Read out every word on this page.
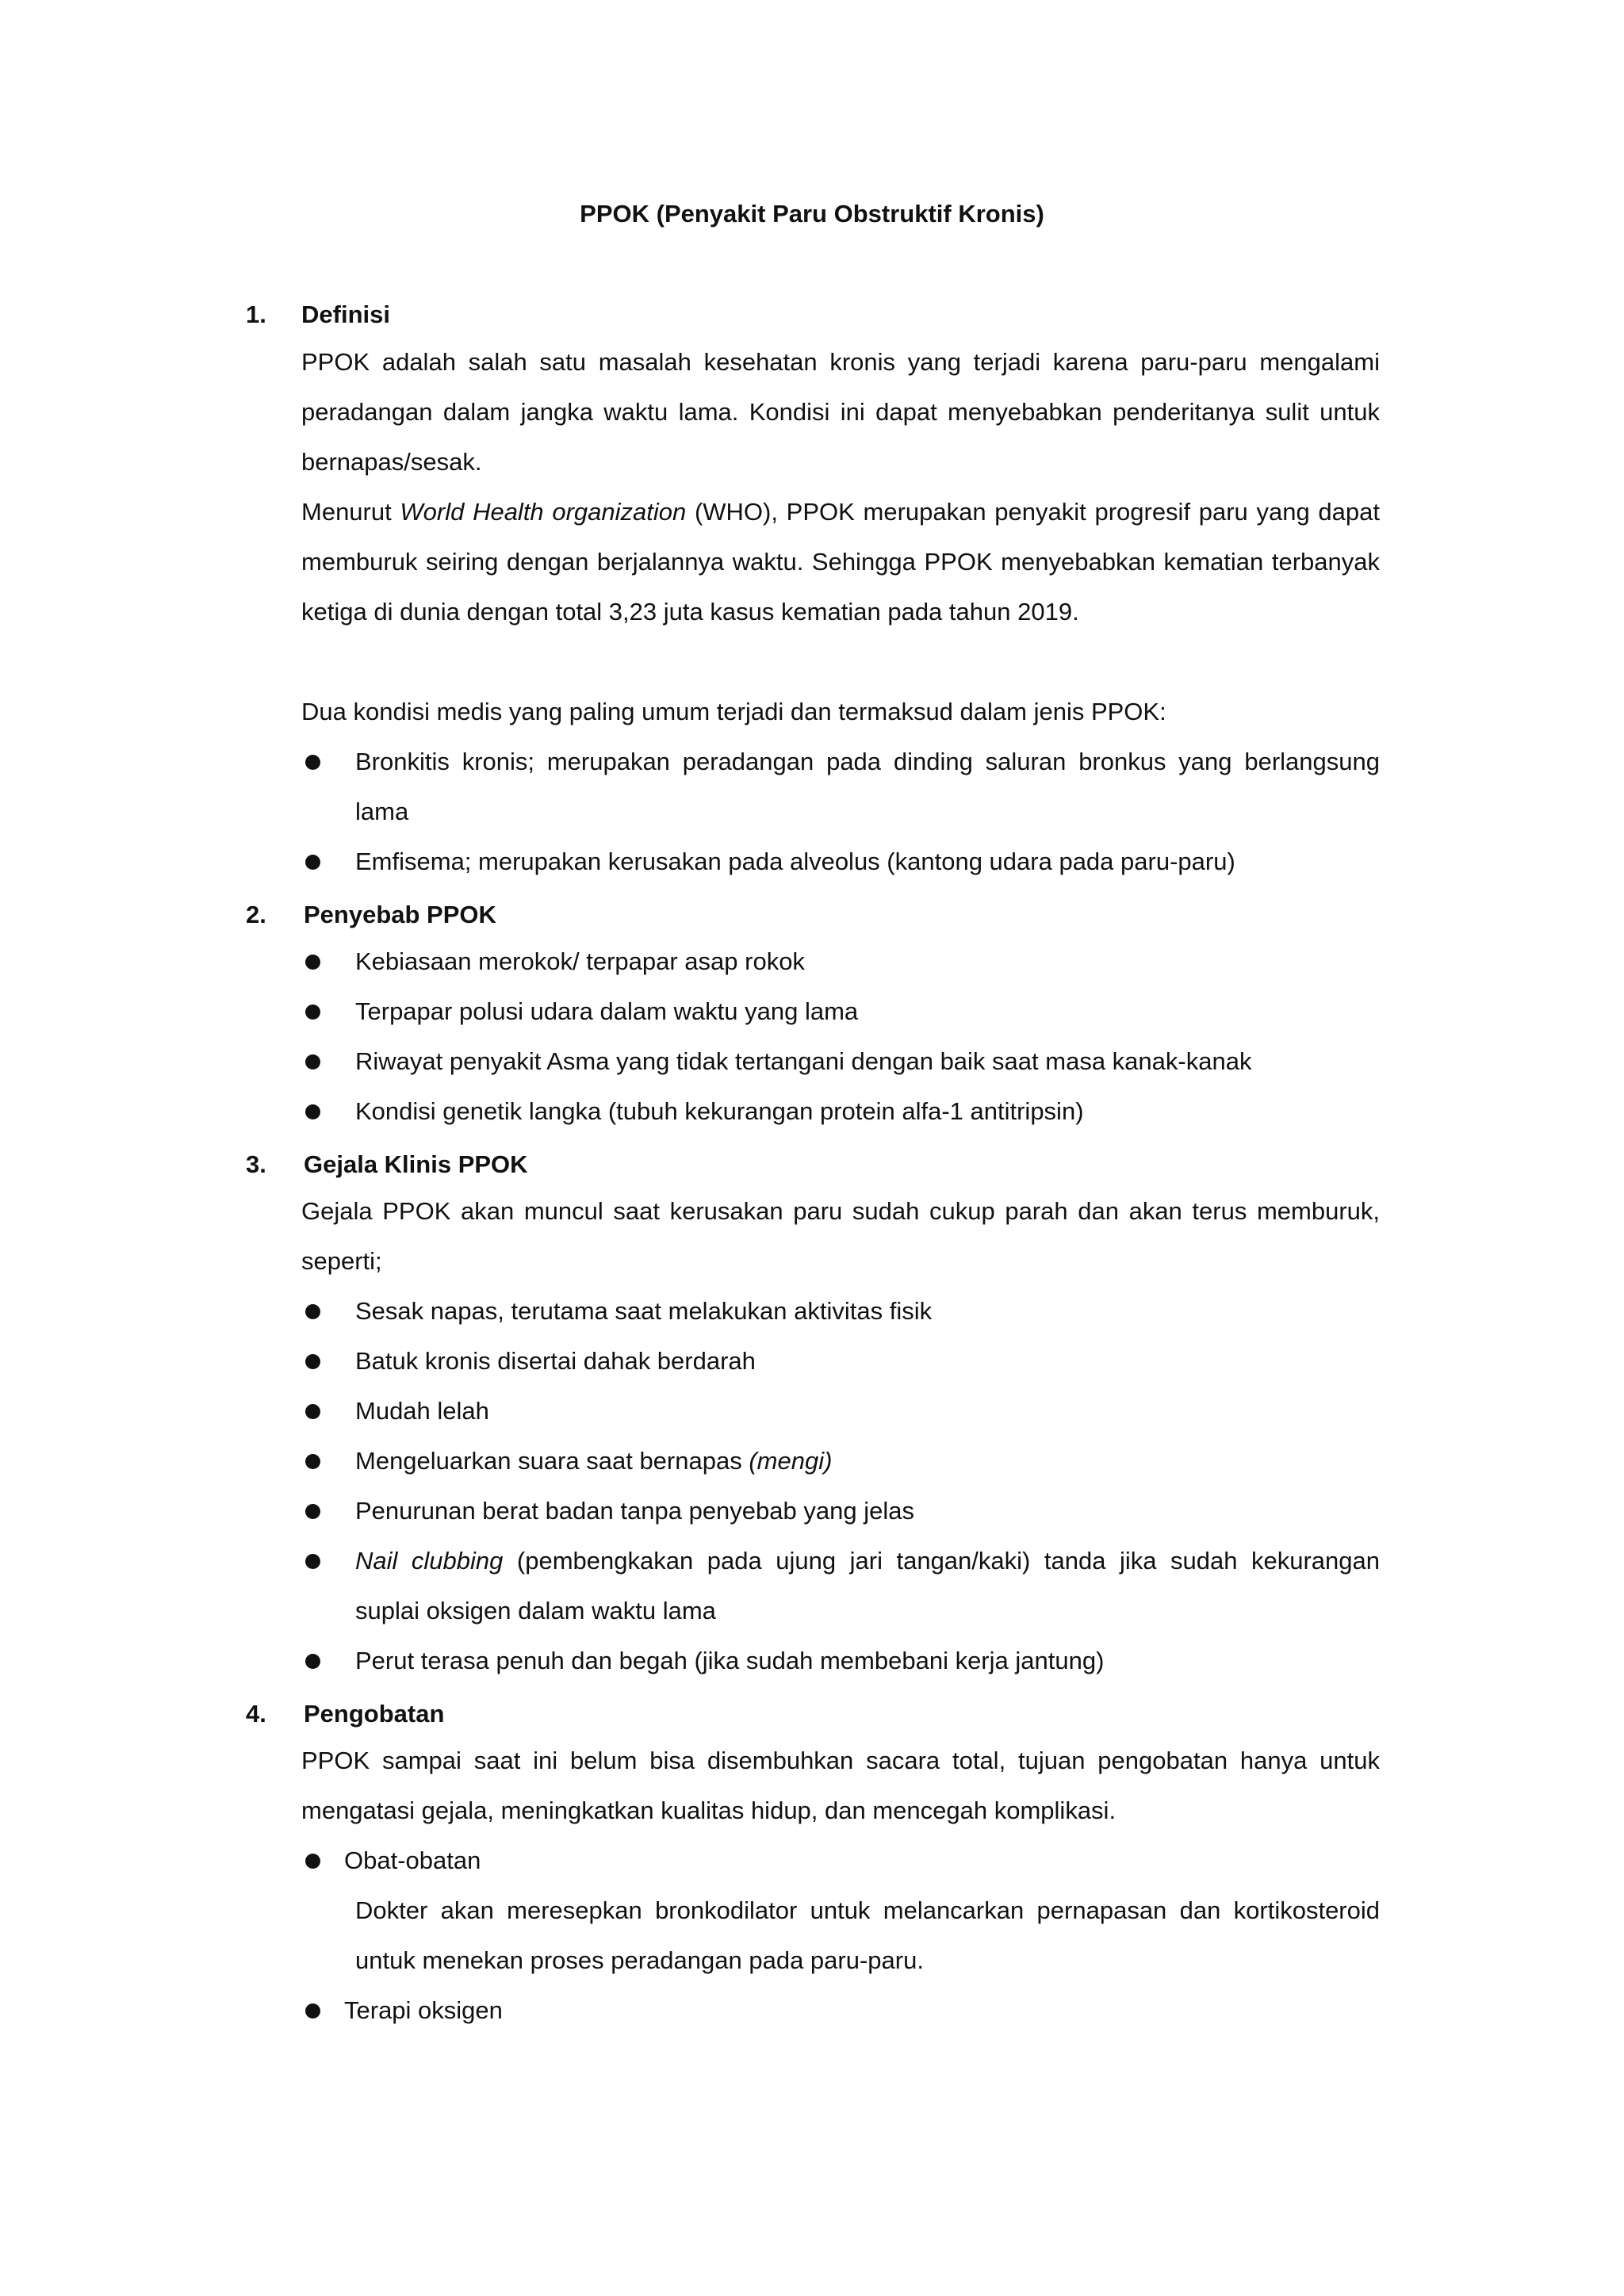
PPOK (Penyakit Paru Obstruktif Kronis)
1. Definisi
PPOK adalah salah satu masalah kesehatan kronis yang terjadi karena paru-paru mengalami peradangan dalam jangka waktu lama. Kondisi ini dapat menyebabkan penderitanya sulit untuk bernapas/sesak.
Menurut World Health organization (WHO), PPOK merupakan penyakit progresif paru yang dapat memburuk seiring dengan berjalannya waktu. Sehingga PPOK menyebabkan kematian terbanyak ketiga di dunia dengan total 3,23 juta kasus kematian pada tahun 2019.
Dua kondisi medis yang paling umum terjadi dan termaksud dalam jenis PPOK:
Bronkitis kronis; merupakan peradangan pada dinding saluran bronkus yang berlangsung lama
Emfisema; merupakan kerusakan pada alveolus (kantong udara pada paru-paru)
2. Penyebab PPOK
Kebiasaan merokok/ terpapar asap rokok
Terpapar polusi udara dalam waktu yang lama
Riwayat penyakit Asma yang tidak tertangani dengan baik saat masa kanak-kanak
Kondisi genetik langka (tubuh kekurangan protein alfa-1 antitripsin)
3. Gejala Klinis PPOK
Gejala PPOK akan muncul saat kerusakan paru sudah cukup parah dan akan terus memburuk, seperti;
Sesak napas, terutama saat melakukan aktivitas fisik
Batuk kronis disertai dahak berdarah
Mudah lelah
Mengeluarkan suara saat bernapas (mengi)
Penurunan berat badan tanpa penyebab yang jelas
Nail clubbing (pembengkakan pada ujung jari tangan/kaki) tanda jika sudah kekurangan suplai oksigen dalam waktu lama
Perut terasa penuh dan begah (jika sudah membebani kerja jantung)
4. Pengobatan
PPOK sampai saat ini belum bisa disembuhkan sacara total, tujuan pengobatan hanya untuk mengatasi gejala, meningkatkan kualitas hidup, dan mencegah komplikasi.
Obat-obatan
Dokter akan meresepkan bronkodilator untuk melancarkan pernapasan dan kortikosteroid untuk menekan proses peradangan pada paru-paru.
Terapi oksigen
